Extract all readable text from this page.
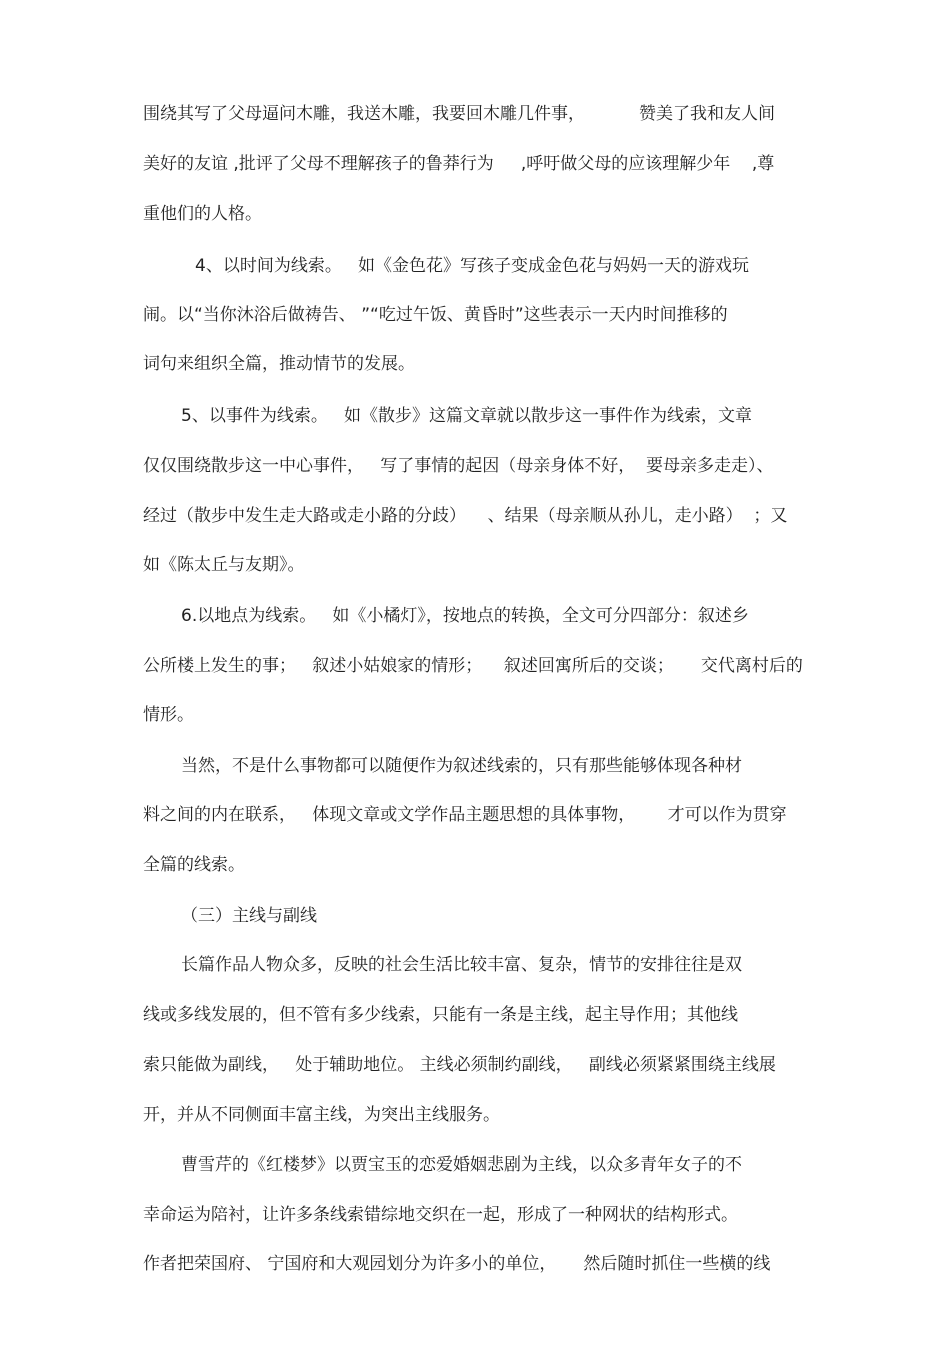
围绕其写了父母逼问木雕，我送木雕，我要回木雕几件事，          赞美了我和友人间
美好的友谊 ,批评了父母不理解孩子的鲁莽行为     ,呼吁做父母的应该理解少年    ,尊
重他们的人格。
4、以时间为线索。   如《金色花》写孩子变成金色花与妈妈一天的游戏玩
闹。以“当你沐浴后做祷告、 ”“吃过午饭、黄昏时”这些表示一天内时间推移的
词句来组织全篇，推动情节的发展。
5、以事件为线索。   如《散步》这篇文章就以散步这一事件作为线索，文章
仅仅围绕散步这一中心事件，   写了事情的起因（母亲身体不好，  要母亲多走走）、
经过（散步中发生走大路或走小路的分歧）    、结果（母亲顺从孙儿，走小路）  ；又
如《陈太丘与友期》。
6.以地点为线索。   如《小橘灯》，按地点的转换，全文可分四部分：叙述乡
公所楼上发生的事；   叙述小姑娘家的情形；    叙述回寓所后的交谈；     交代离村后的
情形。
当然，不是什么事物都可以随便作为叙述线索的，只有那些能够体现各种材
料之间的内在联系，   体现文章或文学作品主题思想的具体事物，      才可以作为贯穿
全篇的线索。
（三）主线与副线
长篇作品人物众多，反映的社会生活比较丰富、复杂，情节的安排往往是双
线或多线发展的，但不管有多少线索，只能有一条是主线，起主导作用；其他线
索只能做为副线，   处于辅助地位。 主线必须制约副线，   副线必须紧紧围绕主线展
开，并从不同侧面丰富主线，为突出主线服务。
曹雪芹的《红楼梦》以贾宝玉的恋爱婚姻悲剧为主线，以众多青年女子的不
幸命运为陪衬，让许多条线索错综地交织在一起，形成了一种网状的结构形式。
作者把荣国府、 宁国府和大观园划分为许多小的单位，     然后随时抓住一些横的线
